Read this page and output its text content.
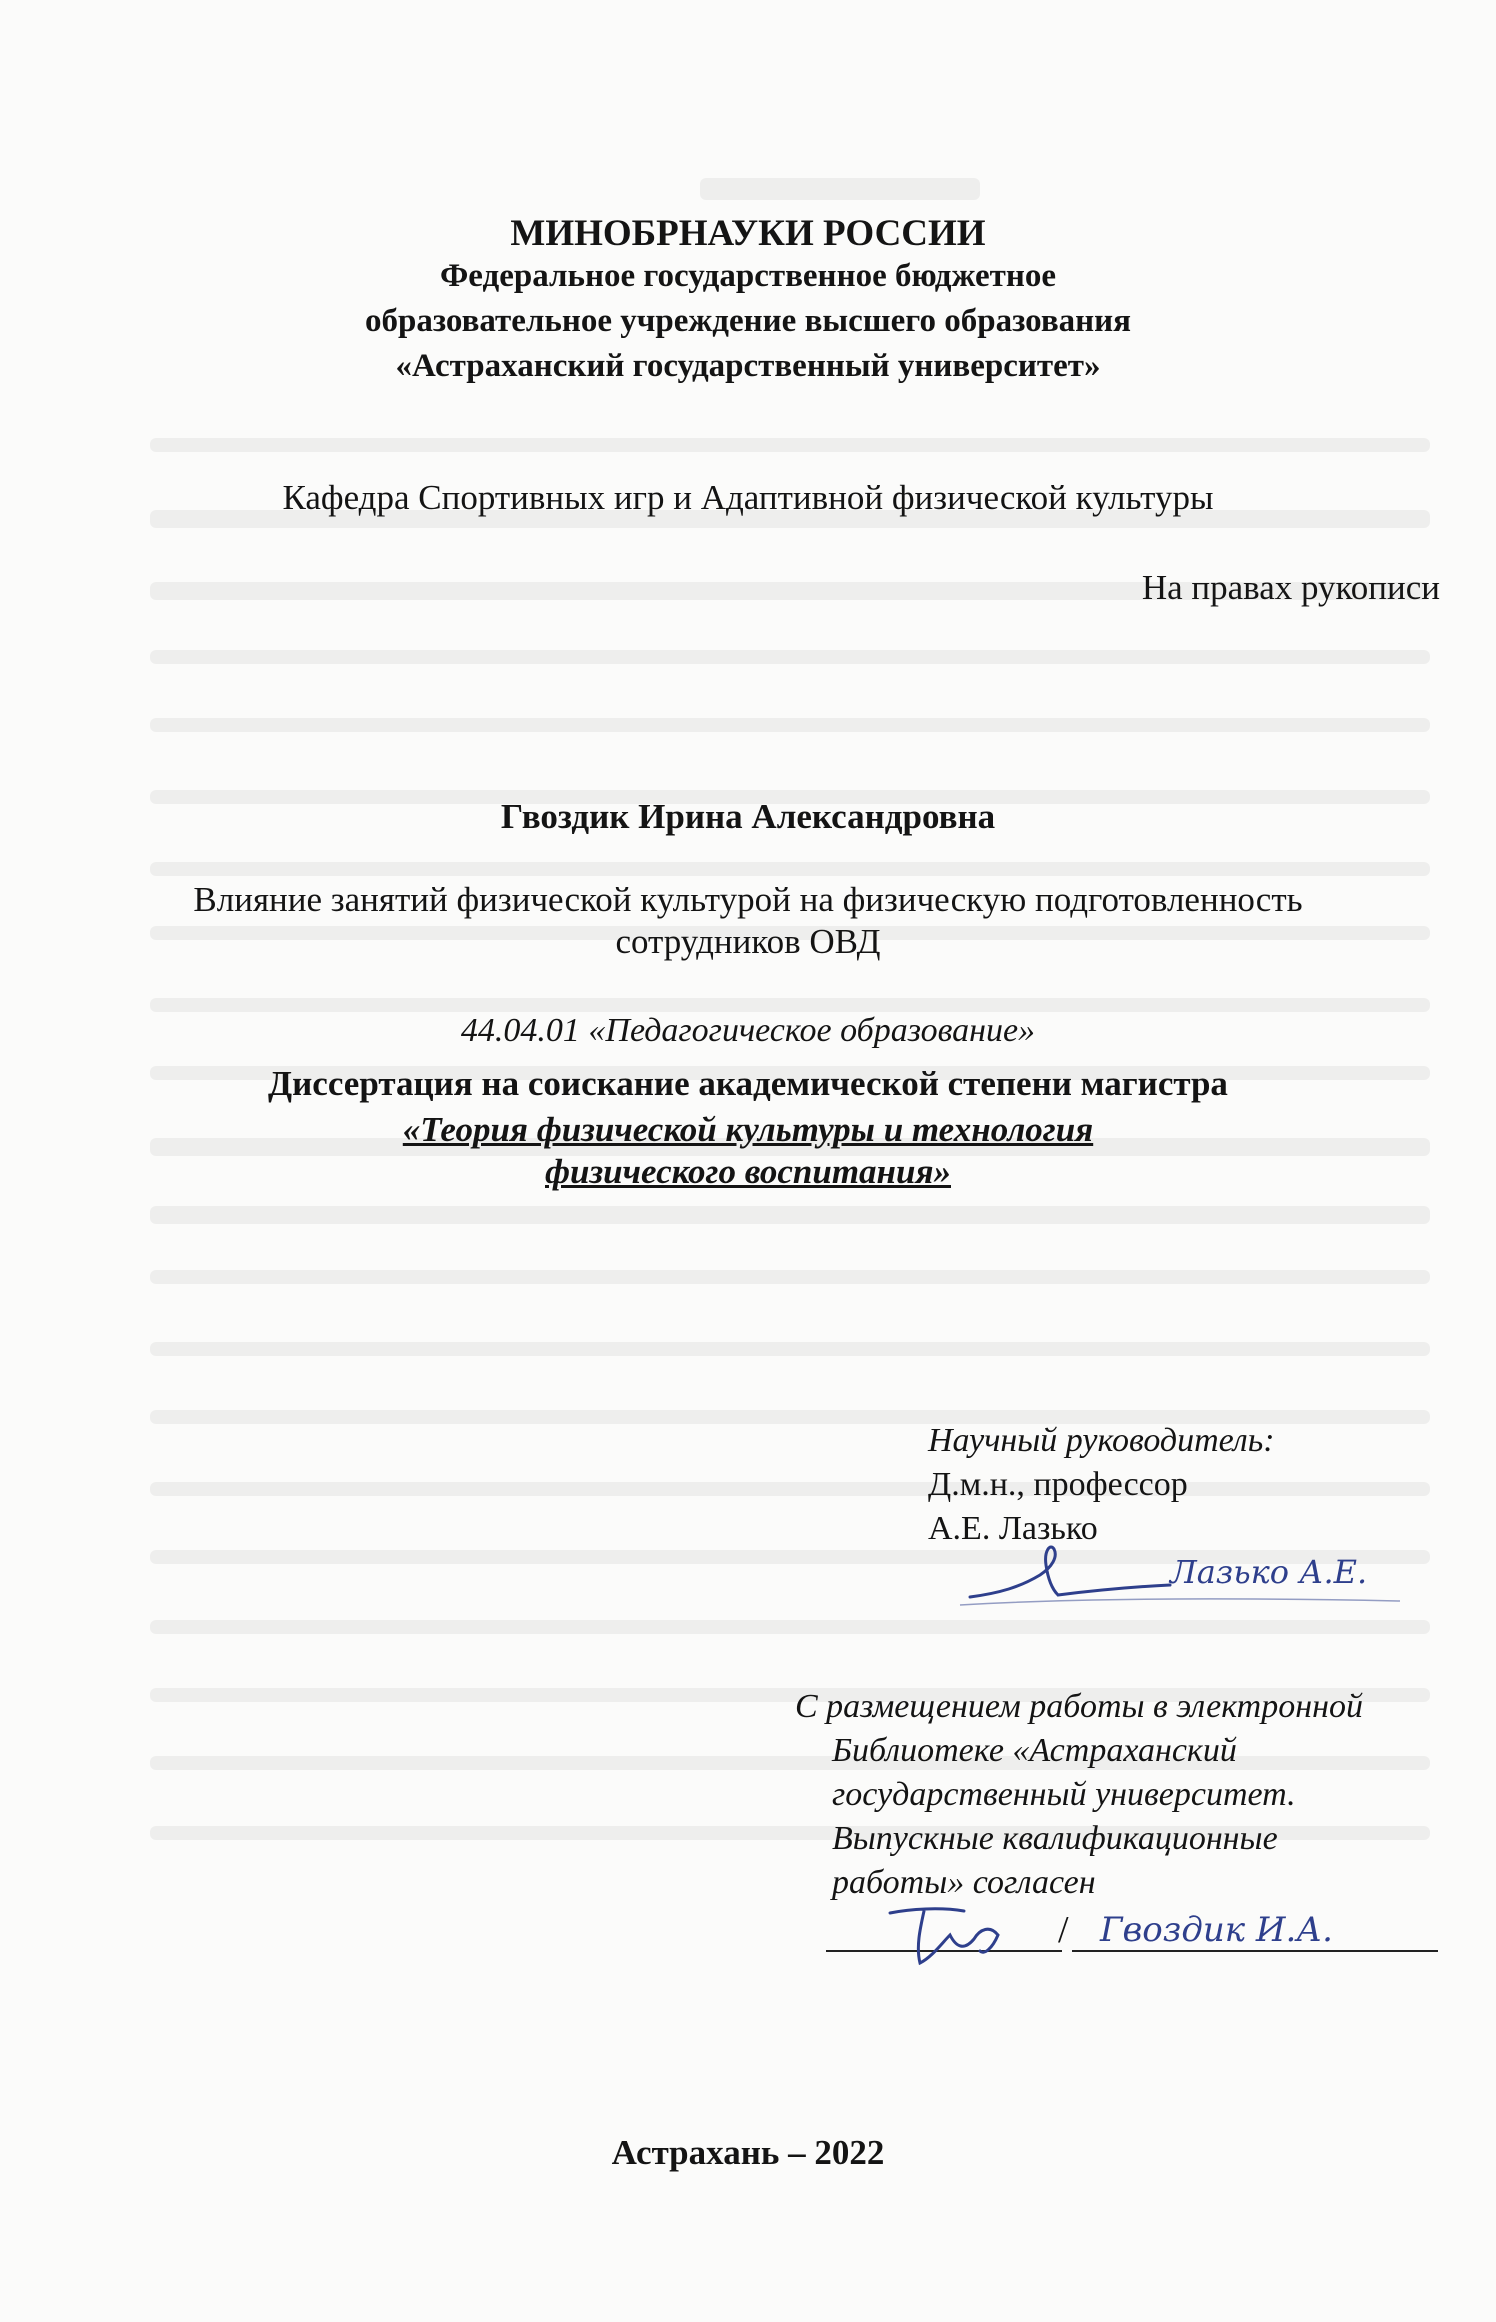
МИНОБРНАУКИ РОССИИ
Федеральное государственное бюджетное
образовательное учреждение высшего образования
«Астраханский государственный университет»
Кафедра Спортивных игр и Адаптивной физической культуры
На правах рукописи
Гвоздик Ирина Александровна
Влияние занятий физической культурой на физическую подготовленность
сотрудников ОВД
44.04.01 «Педагогическое образование»
Диссертация на соискание академической степени магистра
«Теория физической культуры и технология
физического воспитания»
Научный руководитель:
Д.м.н., профессор
А.Е. Лазько
Лазько А.Е.
С размещением работы в электронной
Библиотеке «Астраханский
государственный университет.
Выпускные квалификационные
работы» согласен
/ Гвоздик И.А.
Астрахань – 2022
